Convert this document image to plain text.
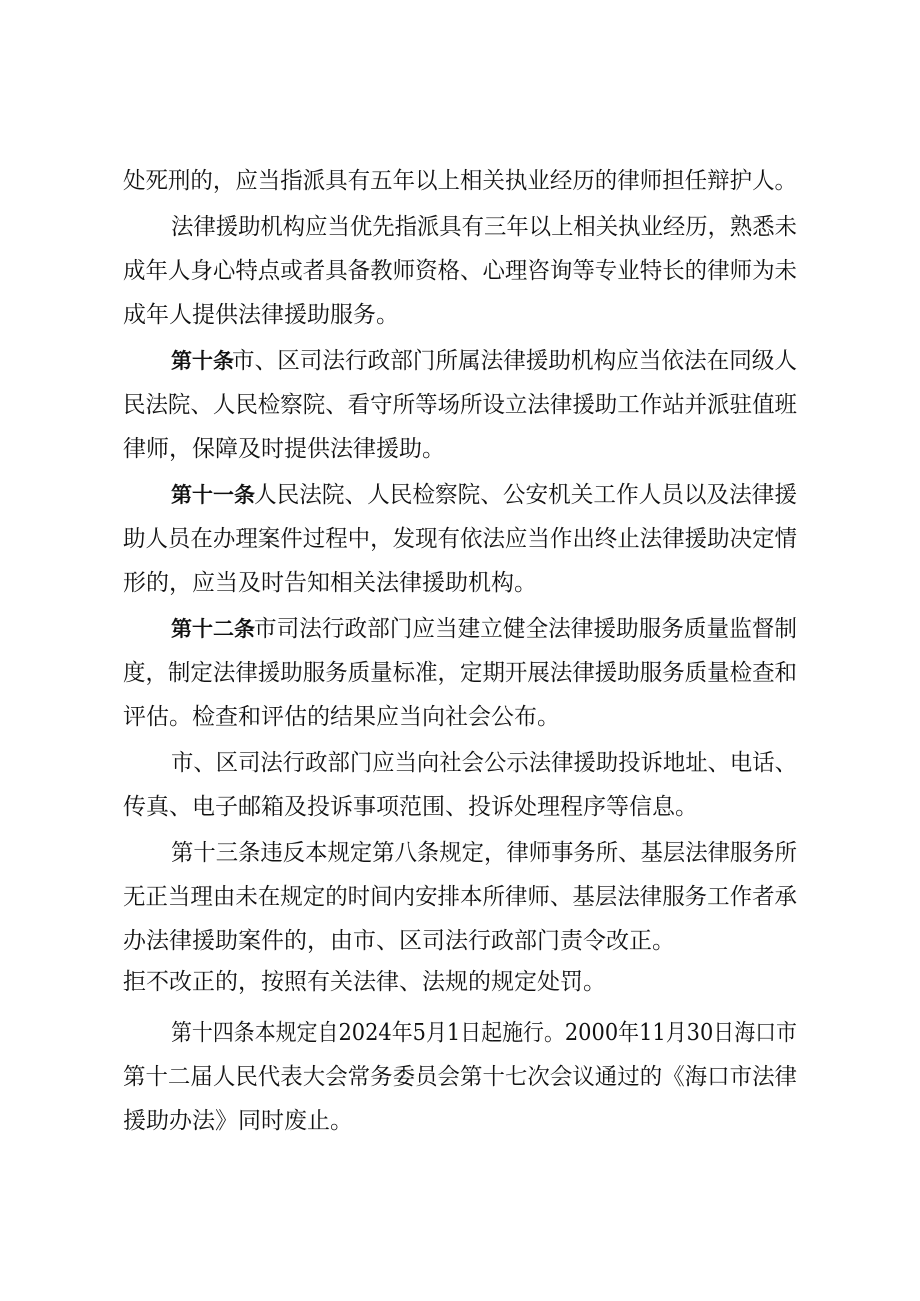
处死刑的，应当指派具有五年以上相关执业经历的律师担任辩护人。
法律援助机构应当优先指派具有三年以上相关执业经历，熟悉未
成年人身心特点或者具备教师资格、心理咨询等专业特长的律师为未
成年人提供法律援助服务。
第十条
市、区司法行政部门所属法律援助机构应当依法在同级人
民法院、人民检察院、看守所等场所设立法律援助工作站并派驻值班
律师，保障及时提供法律援助。
第十一条 人民法院、人民检察院、公安机关工作人员以及法律援
助人员在办理案件过程中，发现有依法应当作出终止法律援助决定情
形的，应当及时告知相关法律援助机构。
第十二条 市司法行政部门应当建立健全法律援助服务质量监督制
度，制定法律援助服务质量标准，定期开展法律援助服务质量检查和
评估。检查和评估的结果应当向社会公布。
市、区司法行政部门应当向社会公示法律援助投诉地址、电话、
传真、电子邮箱及投诉事项范围、投诉处理程序等信息。
第十三条违反本规定第八条规定，律师事务所、基层法律服务所
无正当理由未在规定的时间内安排本所律师、基层法律服务工作者承
办法律援助案件的，由市、区司法行政部门责令改正。
拒不改正的，按照有关法律、法规的规定处罚。
第十四条本规定自2024年5月1日起施行。2000年11月30日海口市
第十二届人民代表大会常务委员会第十七次会议通过的《海口市法律
援助办法》同时废止。
